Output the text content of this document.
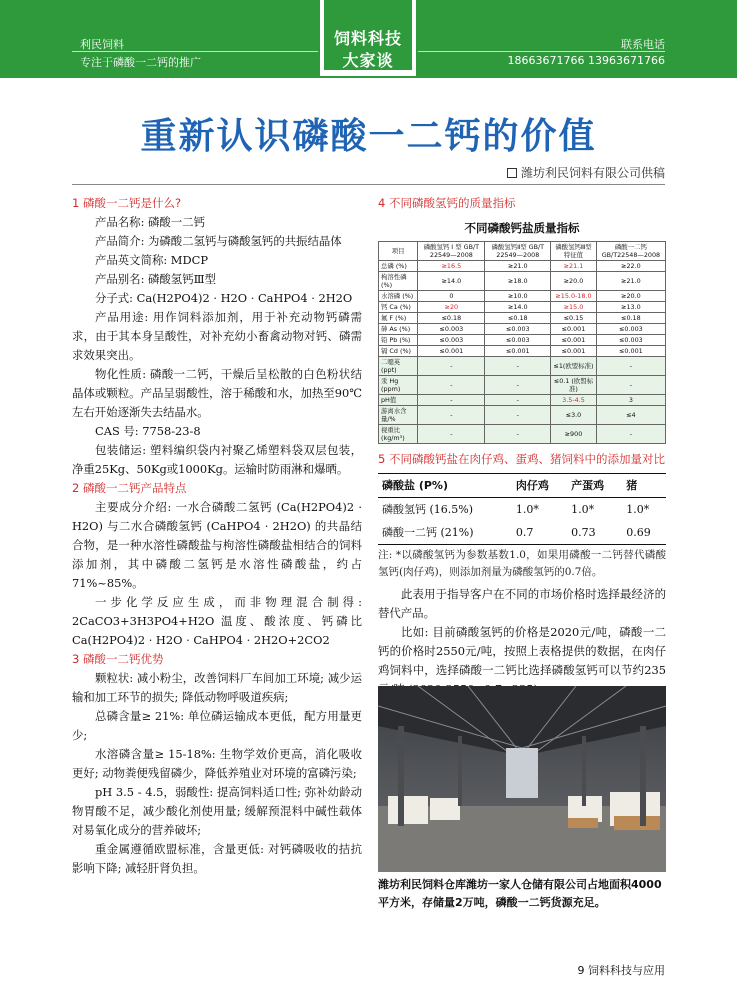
利民饲料
专注于磷酸一二钙的推广
联系电话
18663671766 13963671766
饲料科技
大家谈
重新认识磷酸一二钙的价值
潍坊利民饲料有限公司供稿
1 磷酸一二钙是什么?
产品名称: 磷酸一二钙
产品简介: 为磷酸二氢钙与磷酸氢钙的共振结晶体
产品英文简称: MDCP
产品别名: 磷酸氢钙Ⅲ型
分子式: Ca(H2PO4)2 · H2O · CaHPO4 · 2H2O
产品用途: 用作饲料添加剂，用于补充动物钙磷需求，由于其本身呈酸性，对补充幼小畜禽动物对钙、磷需求效果突出。
物化性质: 磷酸一二钙，干燥后呈松散的白色粉状结晶体或颗粒。产品呈弱酸性，溶于稀酸和水，加热至90℃左右开始逐渐失去结晶水。
CAS 号: 7758-23-8
包装储运: 塑料编织袋内衬聚乙烯塑料袋双层包装，净重25Kg、50Kg或1000Kg。运输时防雨淋和爆晒。
2 磷酸一二钙产品特点
主要成分介绍: 一水合磷酸二氢钙 (Ca(H2PO4)2 · H2O) 与二水合磷酸氢钙 (CaHPO4 · 2H2O) 的共晶结合物，是一种水溶性磷酸盐与枸溶性磷酸盐相结合的饲料添加剂，其中磷酸二氢钙是水溶性磷酸盐，约占71%~85%。
一步化学反应生成，而非物理混合制得: 2CaCO3+3H3PO4+H2O 温度、酸浓度、钙磷比 Ca(H2PO4)2 · H2O · CaHPO4 · 2H2O+2CO2
3 磷酸一二钙优势
颗粒状: 减小粉尘，改善饲料厂车间加工环境; 减少运输和加工环节的损失; 降低动物呼吸道疾病;
总磷含量≥ 21%: 单位磷运输成本更低，配方用量更少;
水溶磷含量≥ 15-18%: 生物学效价更高，消化吸收更好; 动物粪便残留磷少，降低养殖业对环境的富磷污染;
pH 3.5 - 4.5，弱酸性: 提高饲料适口性; 弥补幼龄动物胃酸不足，减少酸化剂使用量; 缓解预混料中碱性载体对易氧化成分的营养破坏;
重金属遵循欧盟标准，含量更低: 对钙磷吸收的拮抗影响下降; 减轻肝肾负担。
4 不同磷酸氢钙的质量指标
不同磷酸钙盐质量指标
项目	磷酸氢钙 Ⅰ 型 GB/T 22549—2008	磷酸氢钙Ⅱ型 GB/T 22549—2008	磷酸氢钙Ⅲ型 特征值	磷酸一二钙 GB/T22548—2008
总磷 (%)	≥16.5	≥21.0	≥21.1	≥22.0
枸溶性磷 (%)	≥14.0	≥18.0	≥20.0	≥21.0
水溶磷 (%)	0	≥10.0	≥15.0-18.0	≥20.0
钙 Ca (%)	≥20	≥14.0	≥15.0	≥13.0
氟 F (%)	≤0.18	≤0.18	≤0.15	≤0.18
砷 As (%)	≤0.003	≤0.003	≤0.001	≤0.003
铅 Pb (%)	≤0.003	≤0.003	≤0.001	≤0.003
镉 Cd (%)	≤0.001	≤0.001	≤0.001	≤0.001
二噁英 (ppt)	-	-	≤1(欧盟标准)	-
汞 Hg (ppm)	-	-	≤0.1 (欧盟标准)	-
pH值	-	-	3.5-4.5	3
游离水含量/%	-	-	≤3.0	≤4
视重比 (kg/m³)	-	-	≥900	-
5 不同磷酸钙盐在肉仔鸡、蛋鸡、猪饲料中的添加量对比
磷酸盐 (P%)	肉仔鸡	产蛋鸡	猪
磷酸氢钙 (16.5%)	1.0*	1.0*	1.0*
磷酸一二钙 (21%)	0.7	0.73	0.69
注: *以磷酸氢钙为参数基数1.0，如果用磷酸一二钙替代磷酸氢钙(肉仔鸡)，则添加剂量为磷酸氢钙的0.7倍。
此表用于指导客户在不同的市场价格时选择最经济的替代产品。
比如: 目前磷酸氢钙的价格是2020元/吨，磷酸一二钙的价格时2550元/吨，按照上表格提供的数据，在肉仔鸡饲料中，选择磷酸一二钙比选择磷酸氢钙可以节约235
潍坊利民饲料仓库潍坊一家人仓储有限公司占地面积4000平方米，存储量2万吨，磷酸一二钙货源充足。
9 饲料科技与应用
